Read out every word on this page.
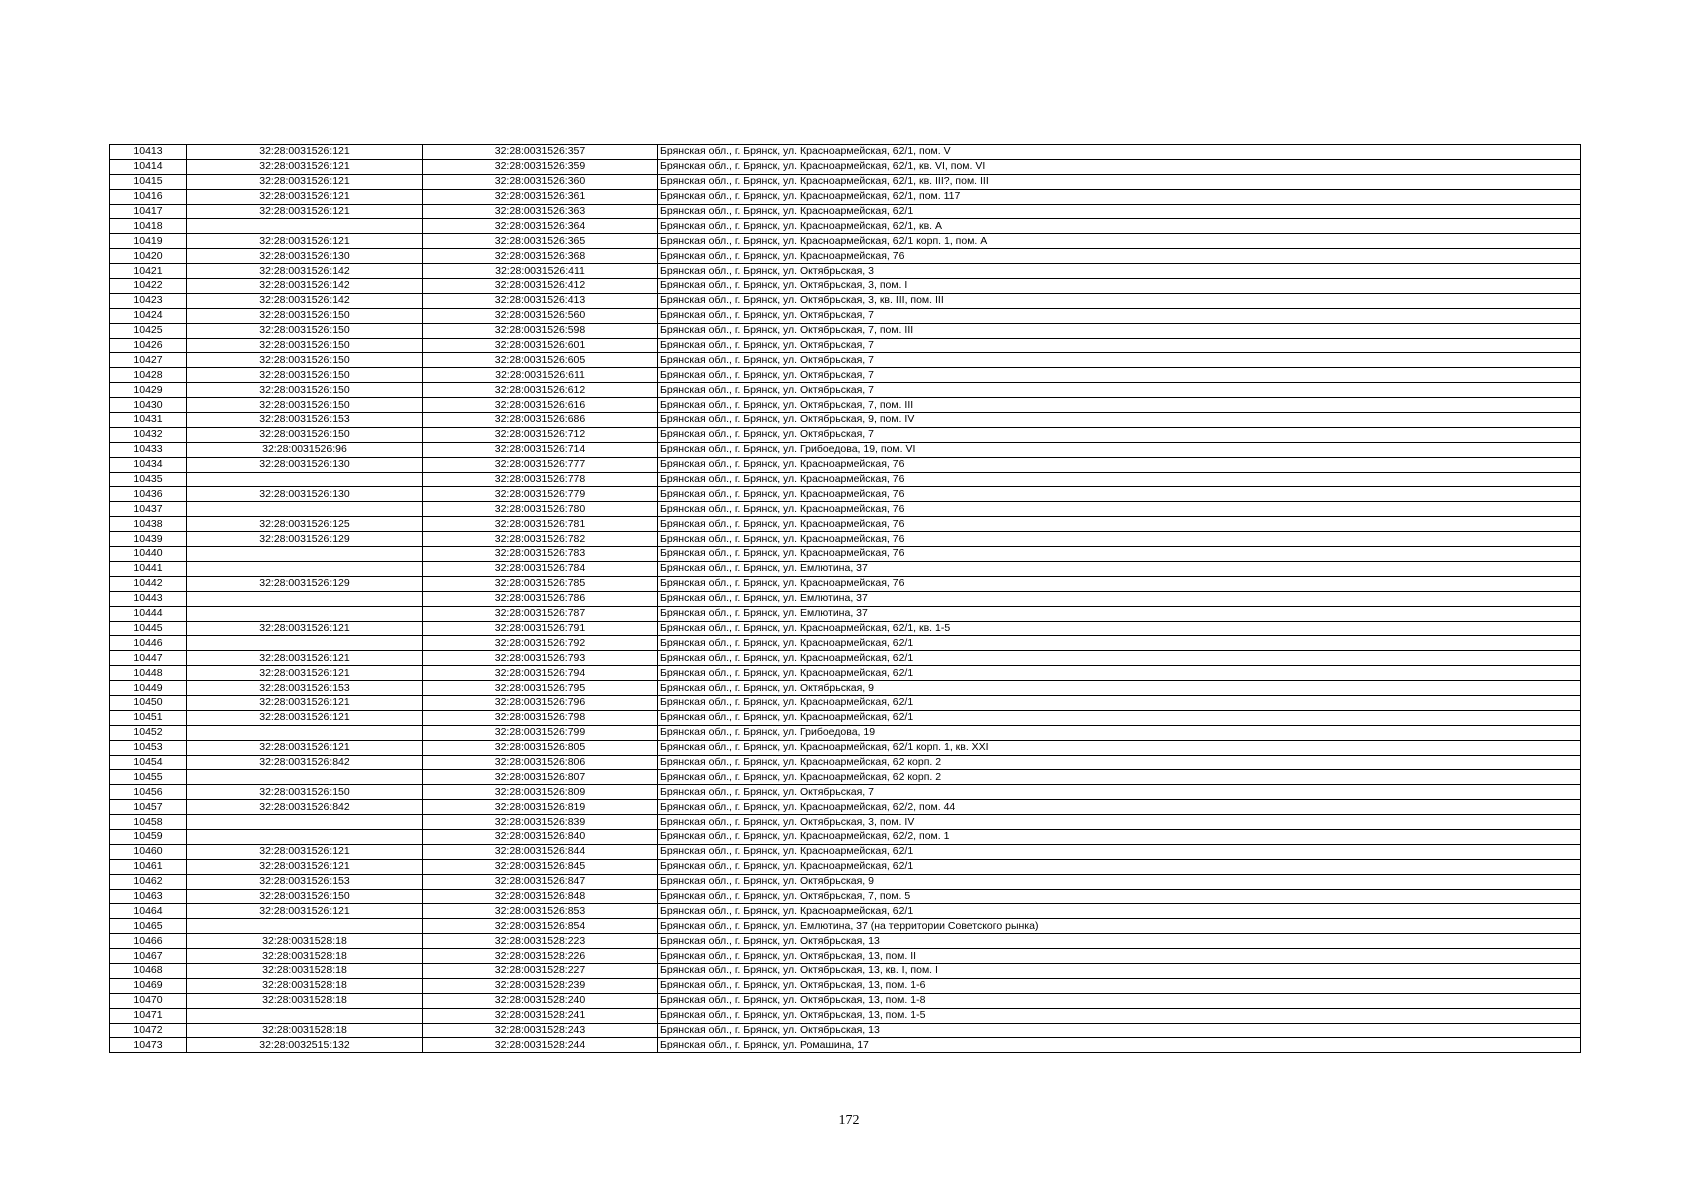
10413	32:28:0031526:121	32:28:0031526:357	Брянская обл., г. Брянск, ул. Красноармейская, 62/1, пом. V
10414	32:28:0031526:121	32:28:0031526:359	Брянская обл., г. Брянск, ул. Красноармейская, 62/1, кв. VI, пом. VI
10415	32:28:0031526:121	32:28:0031526:360	Брянская обл., г. Брянск, ул. Красноармейская, 62/1, кв. III?, пом. III
10416	32:28:0031526:121	32:28:0031526:361	Брянская обл., г. Брянск, ул. Красноармейская, 62/1, пом. 117
10417	32:28:0031526:121	32:28:0031526:363	Брянская обл., г. Брянск, ул. Красноармейская, 62/1
10418		32:28:0031526:364	Брянская обл., г. Брянск, ул. Красноармейская, 62/1, кв. А
10419	32:28:0031526:121	32:28:0031526:365	Брянская обл., г. Брянск, ул. Красноармейская, 62/1 корп. 1, пом. А
10420	32:28:0031526:130	32:28:0031526:368	Брянская обл., г. Брянск, ул. Красноармейская, 76
10421	32:28:0031526:142	32:28:0031526:411	Брянская обл., г. Брянск, ул. Октябрьская, 3
10422	32:28:0031526:142	32:28:0031526:412	Брянская обл., г. Брянск, ул. Октябрьская, 3, пом. I
10423	32:28:0031526:142	32:28:0031526:413	Брянская обл., г. Брянск, ул. Октябрьская, 3, кв. III, пом. III
10424	32:28:0031526:150	32:28:0031526:560	Брянская обл., г. Брянск, ул. Октябрьская, 7
10425	32:28:0031526:150	32:28:0031526:598	Брянская обл., г. Брянск, ул. Октябрьская, 7, пом. III
10426	32:28:0031526:150	32:28:0031526:601	Брянская обл., г. Брянск, ул. Октябрьская, 7
10427	32:28:0031526:150	32:28:0031526:605	Брянская обл., г. Брянск, ул. Октябрьская, 7
10428	32:28:0031526:150	32:28:0031526:611	Брянская обл., г. Брянск, ул. Октябрьская, 7
10429	32:28:0031526:150	32:28:0031526:612	Брянская обл., г. Брянск, ул. Октябрьская, 7
10430	32:28:0031526:150	32:28:0031526:616	Брянская обл., г. Брянск, ул. Октябрьская, 7, пом. III
10431	32:28:0031526:153	32:28:0031526:686	Брянская обл., г. Брянск, ул. Октябрьская, 9, пом. IV
10432	32:28:0031526:150	32:28:0031526:712	Брянская обл., г. Брянск, ул. Октябрьская, 7
10433	32:28:0031526:96	32:28:0031526:714	Брянская обл., г. Брянск, ул. Грибоедова, 19, пом. VI
10434	32:28:0031526:130	32:28:0031526:777	Брянская обл., г. Брянск, ул. Красноармейская, 76
10435		32:28:0031526:778	Брянская обл., г. Брянск, ул. Красноармейская, 76
10436	32:28:0031526:130	32:28:0031526:779	Брянская обл., г. Брянск, ул. Красноармейская, 76
10437		32:28:0031526:780	Брянская обл., г. Брянск, ул. Красноармейская, 76
10438	32:28:0031526:125	32:28:0031526:781	Брянская обл., г. Брянск, ул. Красноармейская, 76
10439	32:28:0031526:129	32:28:0031526:782	Брянская обл., г. Брянск, ул. Красноармейская, 76
10440		32:28:0031526:783	Брянская обл., г. Брянск, ул. Красноармейская, 76
10441		32:28:0031526:784	Брянская обл., г. Брянск, ул. Емлютина, 37
10442	32:28:0031526:129	32:28:0031526:785	Брянская обл., г. Брянск, ул. Красноармейская, 76
10443		32:28:0031526:786	Брянская обл., г. Брянск, ул. Емлютина, 37
10444		32:28:0031526:787	Брянская обл., г. Брянск, ул. Емлютина, 37
10445	32:28:0031526:121	32:28:0031526:791	Брянская обл., г. Брянск, ул. Красноармейская, 62/1, кв. 1-5
10446		32:28:0031526:792	Брянская обл., г. Брянск, ул. Красноармейская, 62/1
10447	32:28:0031526:121	32:28:0031526:793	Брянская обл., г. Брянск, ул. Красноармейская, 62/1
10448	32:28:0031526:121	32:28:0031526:794	Брянская обл., г. Брянск, ул. Красноармейская, 62/1
10449	32:28:0031526:153	32:28:0031526:795	Брянская обл., г. Брянск, ул. Октябрьская, 9
10450	32:28:0031526:121	32:28:0031526:796	Брянская обл., г. Брянск, ул. Красноармейская, 62/1
10451	32:28:0031526:121	32:28:0031526:798	Брянская обл., г. Брянск, ул. Красноармейская, 62/1
10452		32:28:0031526:799	Брянская обл., г. Брянск, ул. Грибоедова, 19
10453	32:28:0031526:121	32:28:0031526:805	Брянская обл., г. Брянск, ул. Красноармейская, 62/1 корп. 1, кв. XXI
10454	32:28:0031526:842	32:28:0031526:806	Брянская обл., г. Брянск, ул. Красноармейская, 62 корп. 2
10455		32:28:0031526:807	Брянская обл., г. Брянск, ул. Красноармейская, 62 корп. 2
10456	32:28:0031526:150	32:28:0031526:809	Брянская обл., г. Брянск, ул. Октябрьская, 7
10457	32:28:0031526:842	32:28:0031526:819	Брянская обл., г. Брянск, ул. Красноармейская, 62/2, пом. 44
10458		32:28:0031526:839	Брянская обл., г. Брянск, ул. Октябрьская, 3, пом. IV
10459		32:28:0031526:840	Брянская обл., г. Брянск, ул. Красноармейская, 62/2, пом. 1
10460	32:28:0031526:121	32:28:0031526:844	Брянская обл., г. Брянск, ул. Красноармейская, 62/1
10461	32:28:0031526:121	32:28:0031526:845	Брянская обл., г. Брянск, ул. Красноармейская, 62/1
10462	32:28:0031526:153	32:28:0031526:847	Брянская обл., г. Брянск, ул. Октябрьская, 9
10463	32:28:0031526:150	32:28:0031526:848	Брянская обл., г. Брянск, ул. Октябрьская, 7, пом. 5
10464	32:28:0031526:121	32:28:0031526:853	Брянская обл., г. Брянск, ул. Красноармейская, 62/1
10465		32:28:0031526:854	Брянская обл., г. Брянск, ул. Емлютина, 37 (на территории Советского рынка)
10466	32:28:0031528:18	32:28:0031528:223	Брянская обл., г. Брянск, ул. Октябрьская, 13
10467	32:28:0031528:18	32:28:0031528:226	Брянская обл., г. Брянск, ул. Октябрьская, 13, пом. II
10468	32:28:0031528:18	32:28:0031528:227	Брянская обл., г. Брянск, ул. Октябрьская, 13, кв. I, пом. I
10469	32:28:0031528:18	32:28:0031528:239	Брянская обл., г. Брянск, ул. Октябрьская, 13, пом. 1-6
10470	32:28:0031528:18	32:28:0031528:240	Брянская обл., г. Брянск, ул. Октябрьская, 13, пом. 1-8
10471		32:28:0031528:241	Брянская обл., г. Брянск, ул. Октябрьская, 13, пом. 1-5
10472	32:28:0031528:18	32:28:0031528:243	Брянская обл., г. Брянск, ул. Октябрьская, 13
10473	32:28:0032515:132	32:28:0031528:244	Брянская обл., г. Брянск, ул. Ромашина, 17
172
